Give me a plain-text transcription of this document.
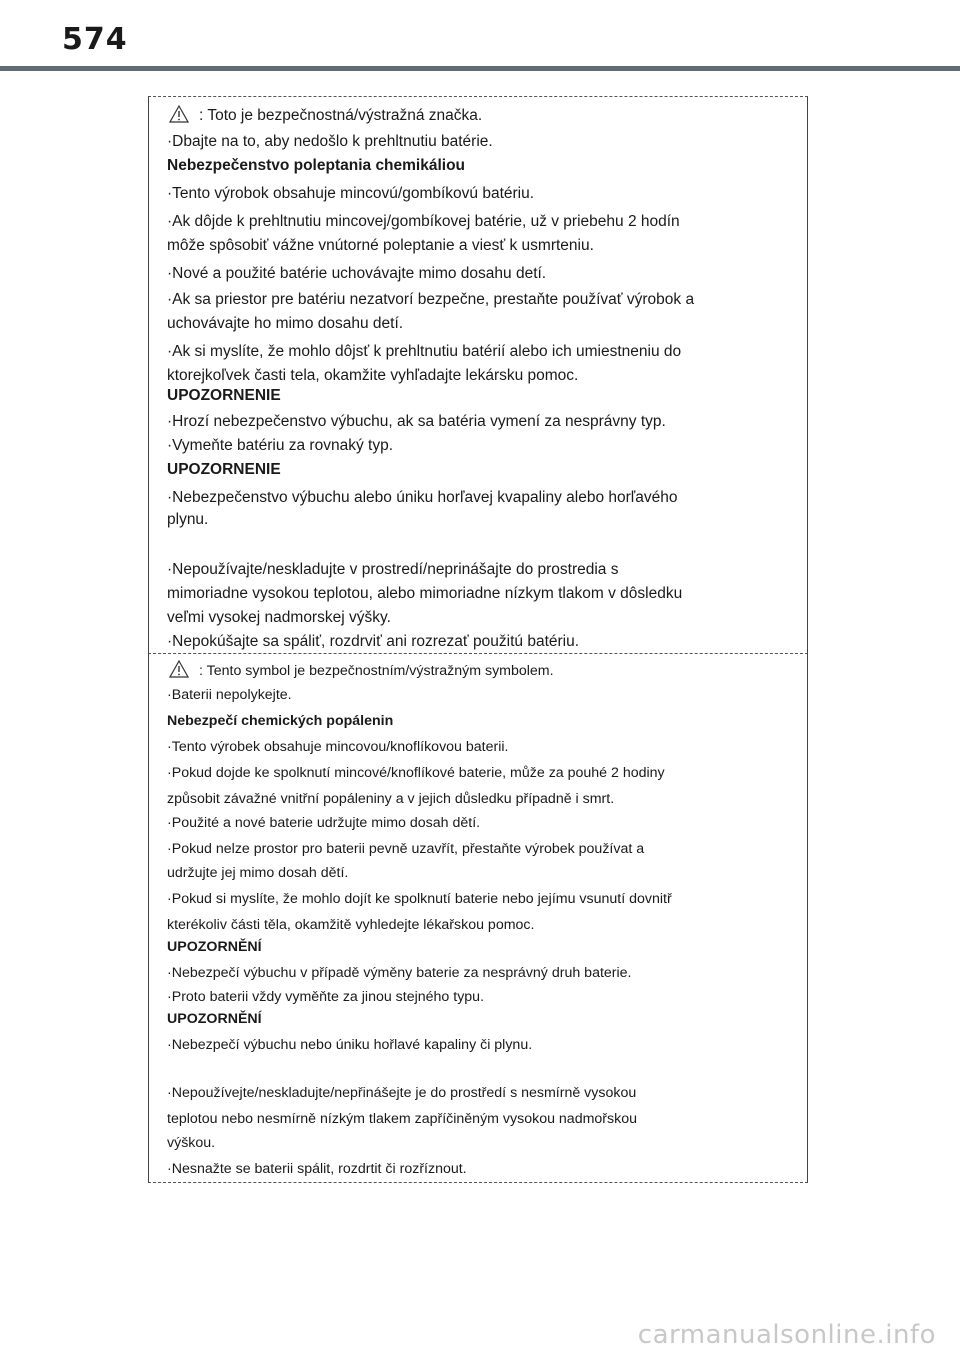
574
: Toto je bezpečnostná/výstražná značka.
·Dbajte na to, aby nedošlo k prehltnutiu batérie.
Nebezpečenstvo poleptania chemikáliou
·Tento výrobok obsahuje mincovú/gombíkovú batériu.
·Ak dôjde k prehltnutiu mincovej/gombíkovej batérie, už v priebehu 2 hodín
môže spôsobiť vážne vnútorné poleptanie a viesť k usmrteniu.
·Nové a použité batérie uchovávajte mimo dosahu detí.
·Ak sa priestor pre batériu nezatvorí bezpečne, prestaňte používať výrobok a
uchovávajte ho mimo dosahu detí.
·Ak si myslíte, že mohlo dôjsť k prehltnutiu batérií alebo ich umiestneniu do
ktorejkoľvek časti tela, okamžite vyhľadajte lekársku pomoc.
UPOZORNENIE
·Hrozí nebezpečenstvo výbuchu, ak sa batéria vymení za nesprávny typ.
·Vymeňte batériu za rovnaký typ.
UPOZORNENIE
·Nebezpečenstvo výbuchu alebo úniku horľavej kvapaliny alebo horľavého
plynu.
·Nepoužívajte/neskladujte v prostredí/neprinášajte do prostredia s
mimoriadne vysokou teplotou, alebo mimoriadne nízkym tlakom v dôsledku
veľmi vysokej nadmorskej výšky.
·Nepokúšajte sa spáliť, rozdrviť ani rozrezať použitú batériu.
: Tento symbol je bezpečnostním/výstražným symbolem.
·Baterii nepolykejte.
Nebezpečí chemických popálenin
·Tento výrobek obsahuje mincovou/knoflíkovou baterii.
·Pokud dojde ke spolknutí mincové/knoflíkové baterie, může za pouhé 2 hodiny
způsobit závažné vnitřní popáleniny a v jejich důsledku případně i smrt.
·Použité a nové baterie udržujte mimo dosah dětí.
·Pokud nelze prostor pro baterii pevně uzavřít, přestaňte výrobek používat a
udržujte jej mimo dosah dětí.
·Pokud si myslíte, že mohlo dojít ke spolknutí baterie nebo jejímu vsunutí dovnitř
kterékoliv části těla, okamžitě vyhledejte lékařskou pomoc.
UPOZORNĚNÍ
·Nebezpečí výbuchu v případě výměny baterie za nesprávný druh baterie.
·Proto baterii vždy vyměňte za jinou stejného typu.
UPOZORNĚNÍ
·Nebezpečí výbuchu nebo úniku hořlavé kapaliny či plynu.
·Nepoužívejte/neskladujte/nepřinášejte je do prostředí s nesmírně vysokou
teplotou nebo nesmírně nízkým tlakem zapříčiněným vysokou nadmořskou
výškou.
·Nesnažte se baterii spálit, rozdrtit či rozříznout.
carmanualsonline.info
